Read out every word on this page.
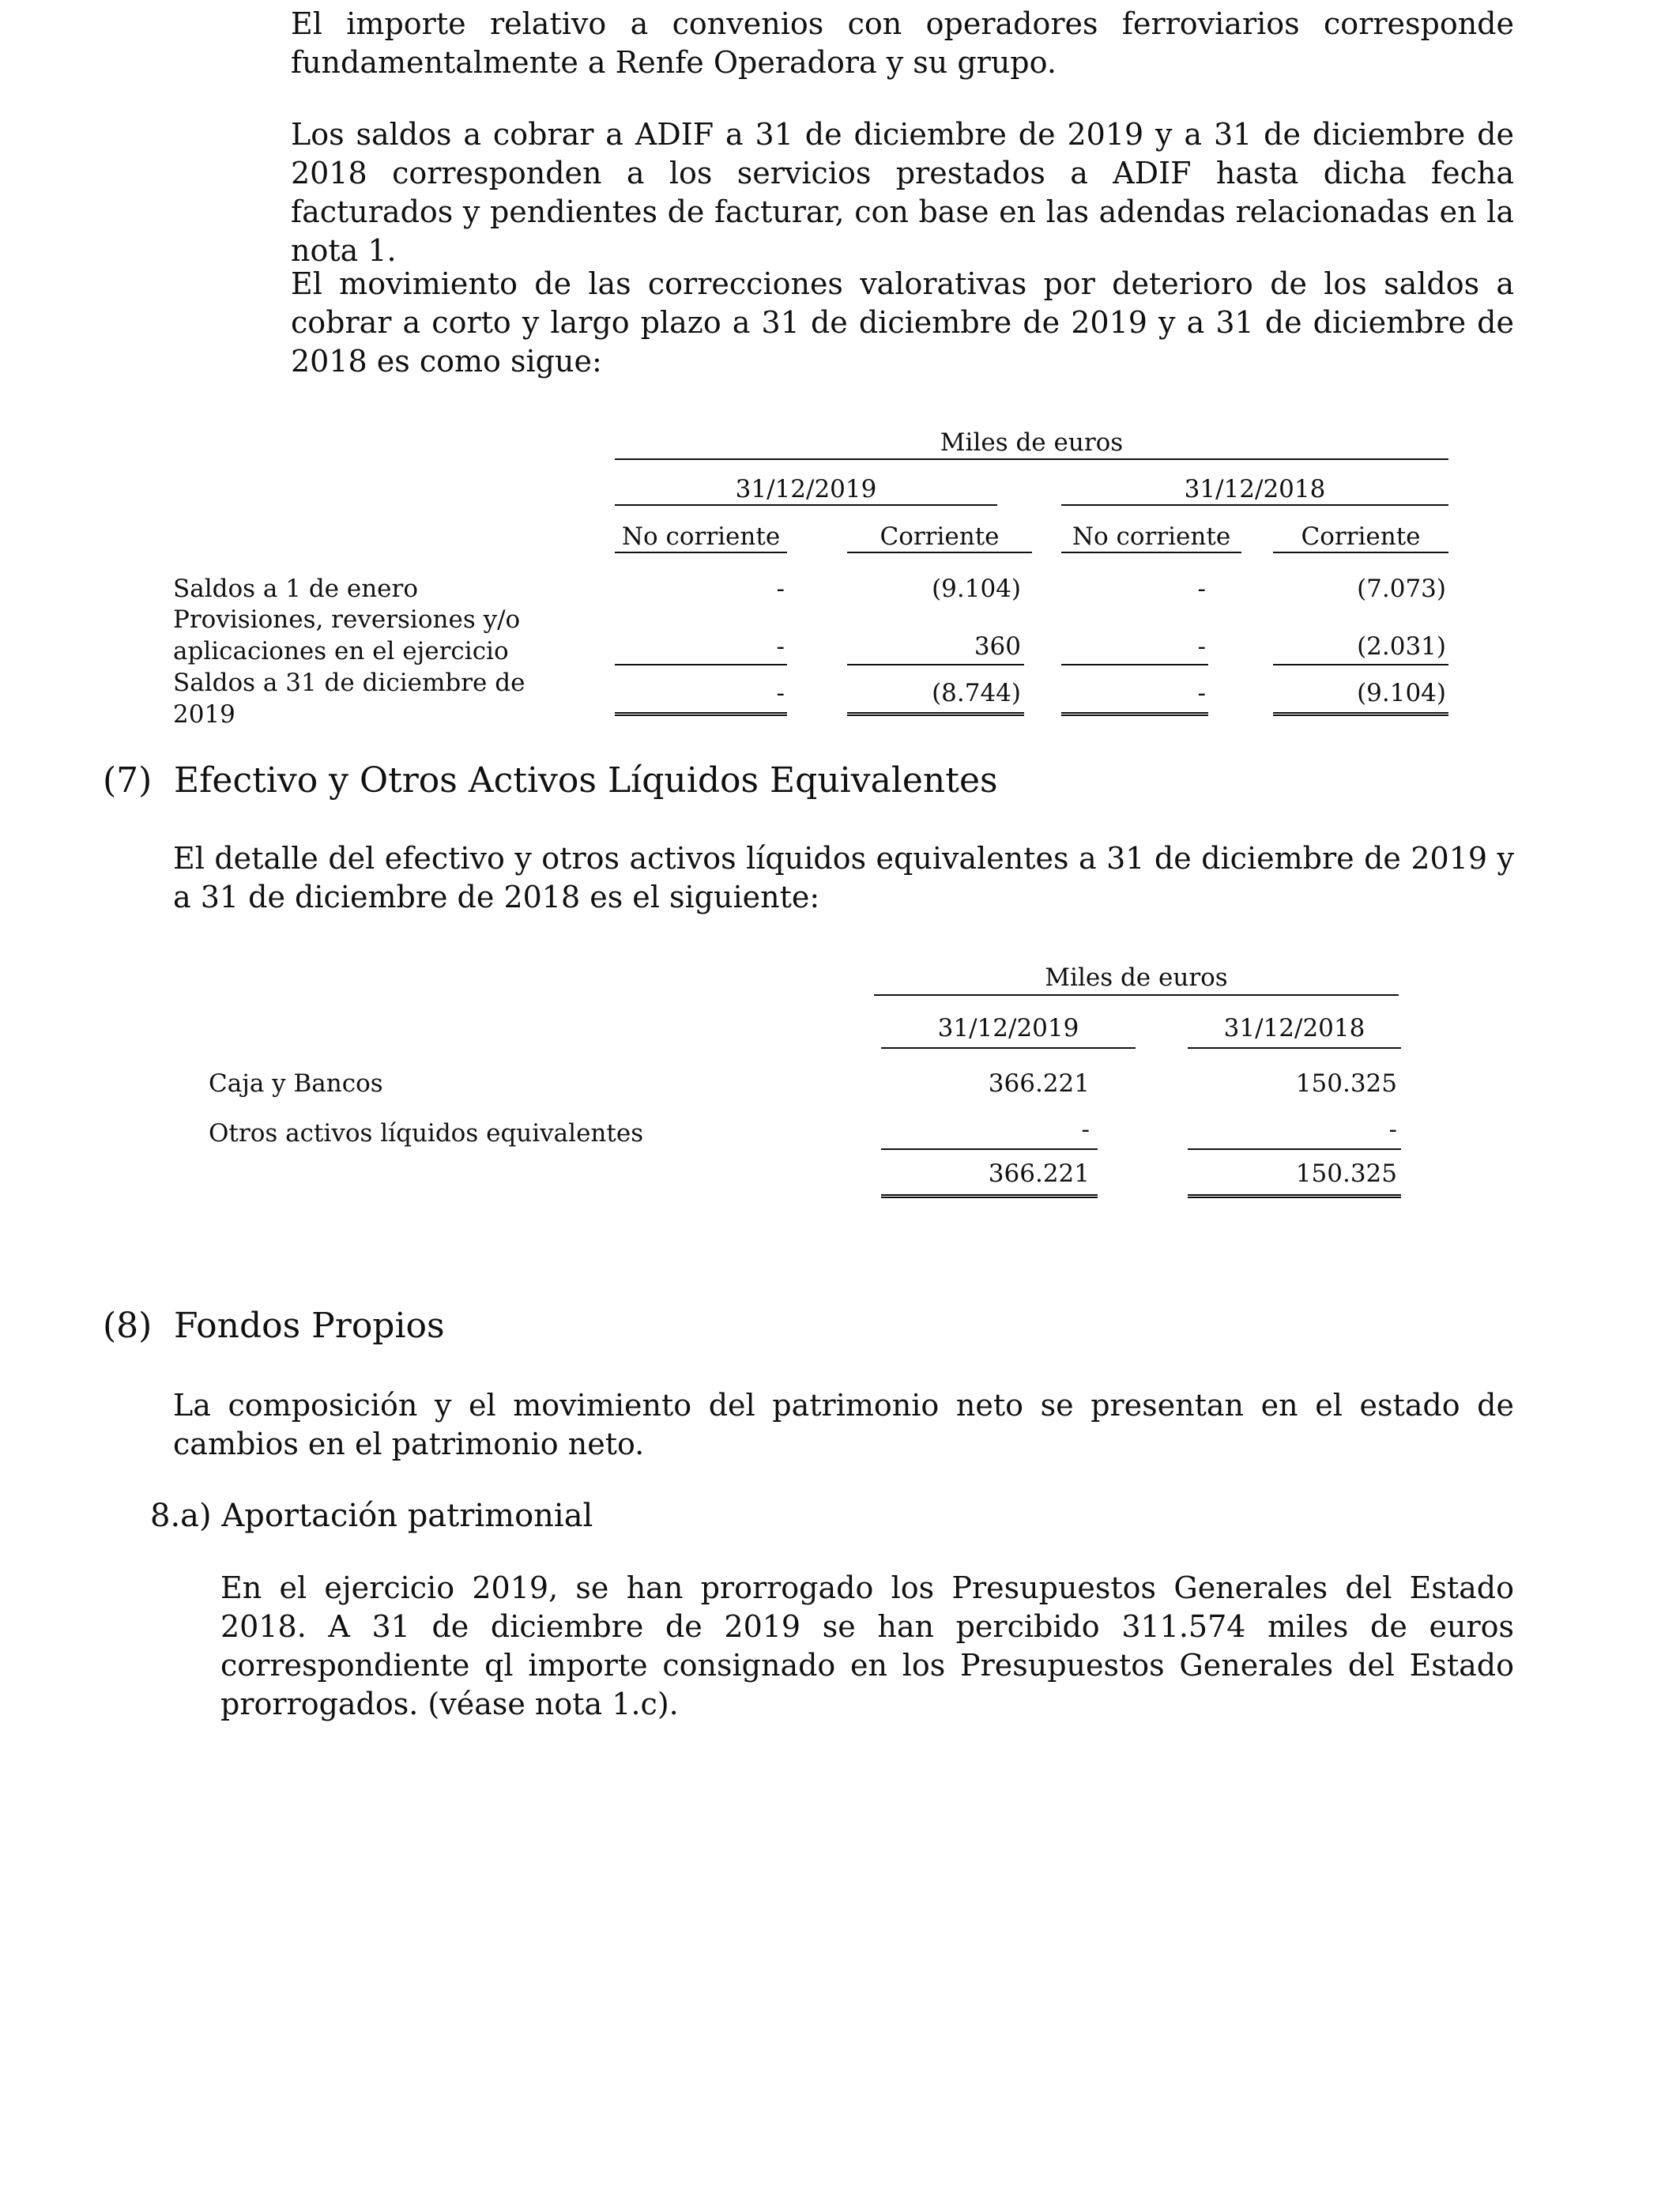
El importe relativo a convenios con operadores ferroviarios corresponde fundamentalmente a Renfe Operadora y su grupo.

Los saldos a cobrar a ADIF a 31 de diciembre de 2019 y a 31 de diciembre de 2018 corresponden a los servicios prestados a ADIF hasta dicha fecha facturados y pendientes de facturar, con base en las adendas relacionadas en la nota 1.

El movimiento de las correcciones valorativas por deterioro de los saldos a cobrar a corto y largo plazo a 31 de diciembre de 2019 y a 31 de diciembre de 2018 es como sigue:

Miles de euros
31/12/2019	31/12/2018
No corriente	Corriente	No corriente	Corriente
Saldos a 1 de enero	-	(9.104)	-	(7.073)
Provisiones, reversiones y/o
aplicaciones en el ejercicio	-	360	-	(2.031)
Saldos a 31 de diciembre de
2019
-	(8.744)	-	(9.104)
(7) Efectivo y Otros Activos Líquidos Equivalentes

El detalle del efectivo y otros activos líquidos equivalentes a 31 de diciembre de 2019 y a 31 de diciembre de 2018 es el siguiente:

Miles de euros
31/12/2019	31/12/2018
Caja y Bancos	366.221	150.325
Otros activos líquidos equivalentes	-	-
366.221	150.325
(8) Fondos Propios

La composición y el movimiento del patrimonio neto se presentan en el estado de cambios en el patrimonio neto.

8.a) Aportación patrimonial

En el ejercicio 2019, se han prorrogado los Presupuestos Generales del Estado 2018. A 31 de diciembre de 2019 se han percibido 311.574 miles de euros correspondiente ql importe consignado en los Presupuestos Generales del Estado prorrogados. (véase nota 1.c).
